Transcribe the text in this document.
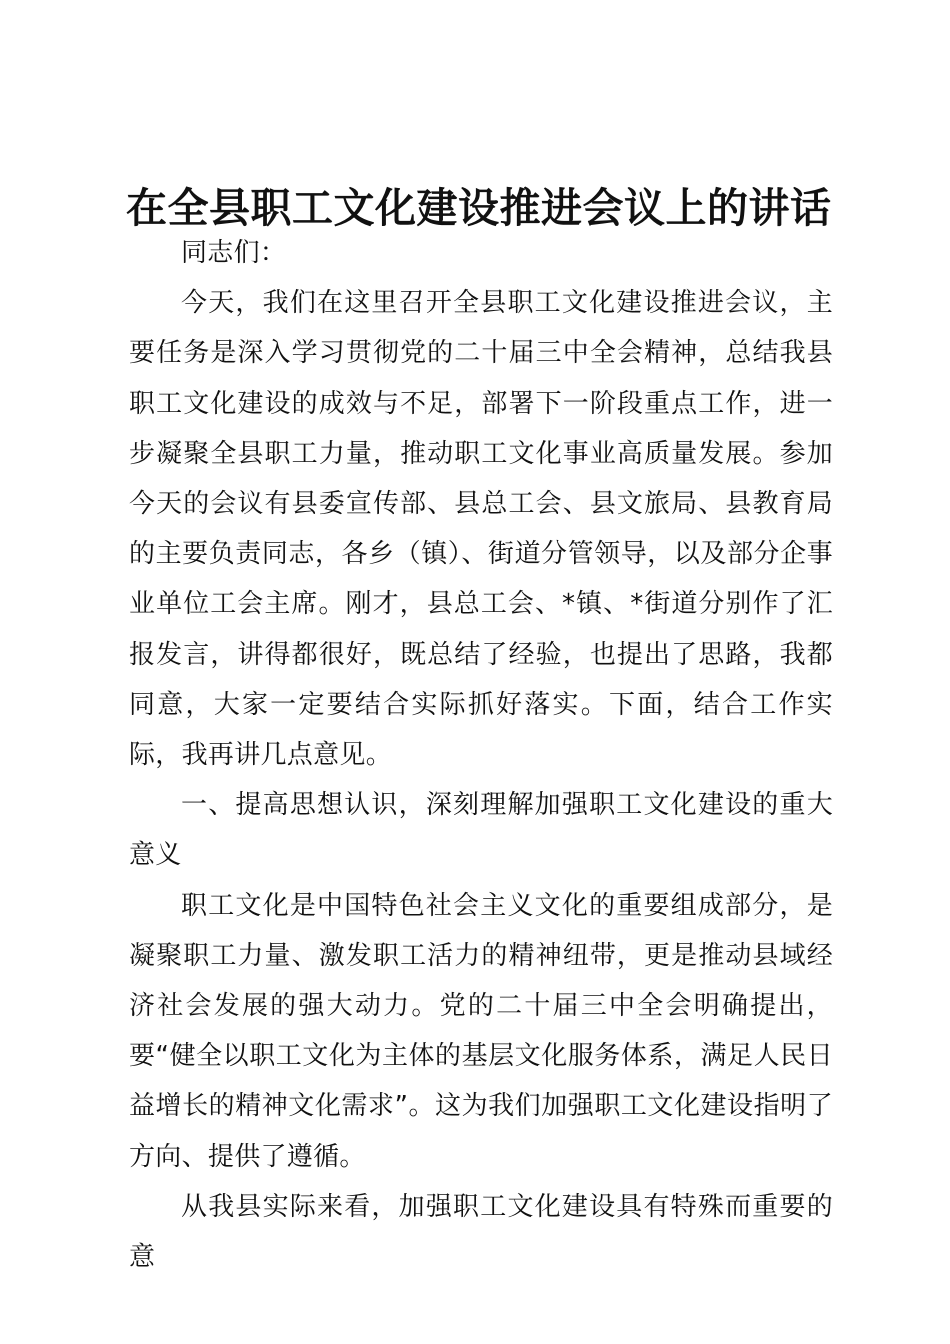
在全县职工文化建设推进会议上的讲话

同志们：

今天，我们在这里召开全县职工文化建设推进会议，主要任务是深入学习贯彻党的二十届三中全会精神，总结我县职工文化建设的成效与不足，部署下一阶段重点工作，进一步凝聚全县职工力量，推动职工文化事业高质量发展。参加今天的会议有县委宣传部、县总工会、县文旅局、县教育局的主要负责同志，各乡（镇）、街道分管领导，以及部分企事业单位工会主席。刚才，县总工会、*镇、*街道分别作了汇报发言，讲得都很好，既总结了经验，也提出了思路，我都同意，大家一定要结合实际抓好落实。下面，结合工作实际，我再讲几点意见。

一、提高思想认识，深刻理解加强职工文化建设的重大意义

职工文化是中国特色社会主义文化的重要组成部分，是凝聚职工力量、激发职工活力的精神纽带，更是推动县域经济社会发展的强大动力。党的二十届三中全会明确提出，要“健全以职工文化为主体的基层文化服务体系，满足人民日益增长的精神文化需求”。这为我们加强职工文化建设指明了方向、提供了遵循。

从我县实际来看，加强职工文化建设具有特殊而重要的意
